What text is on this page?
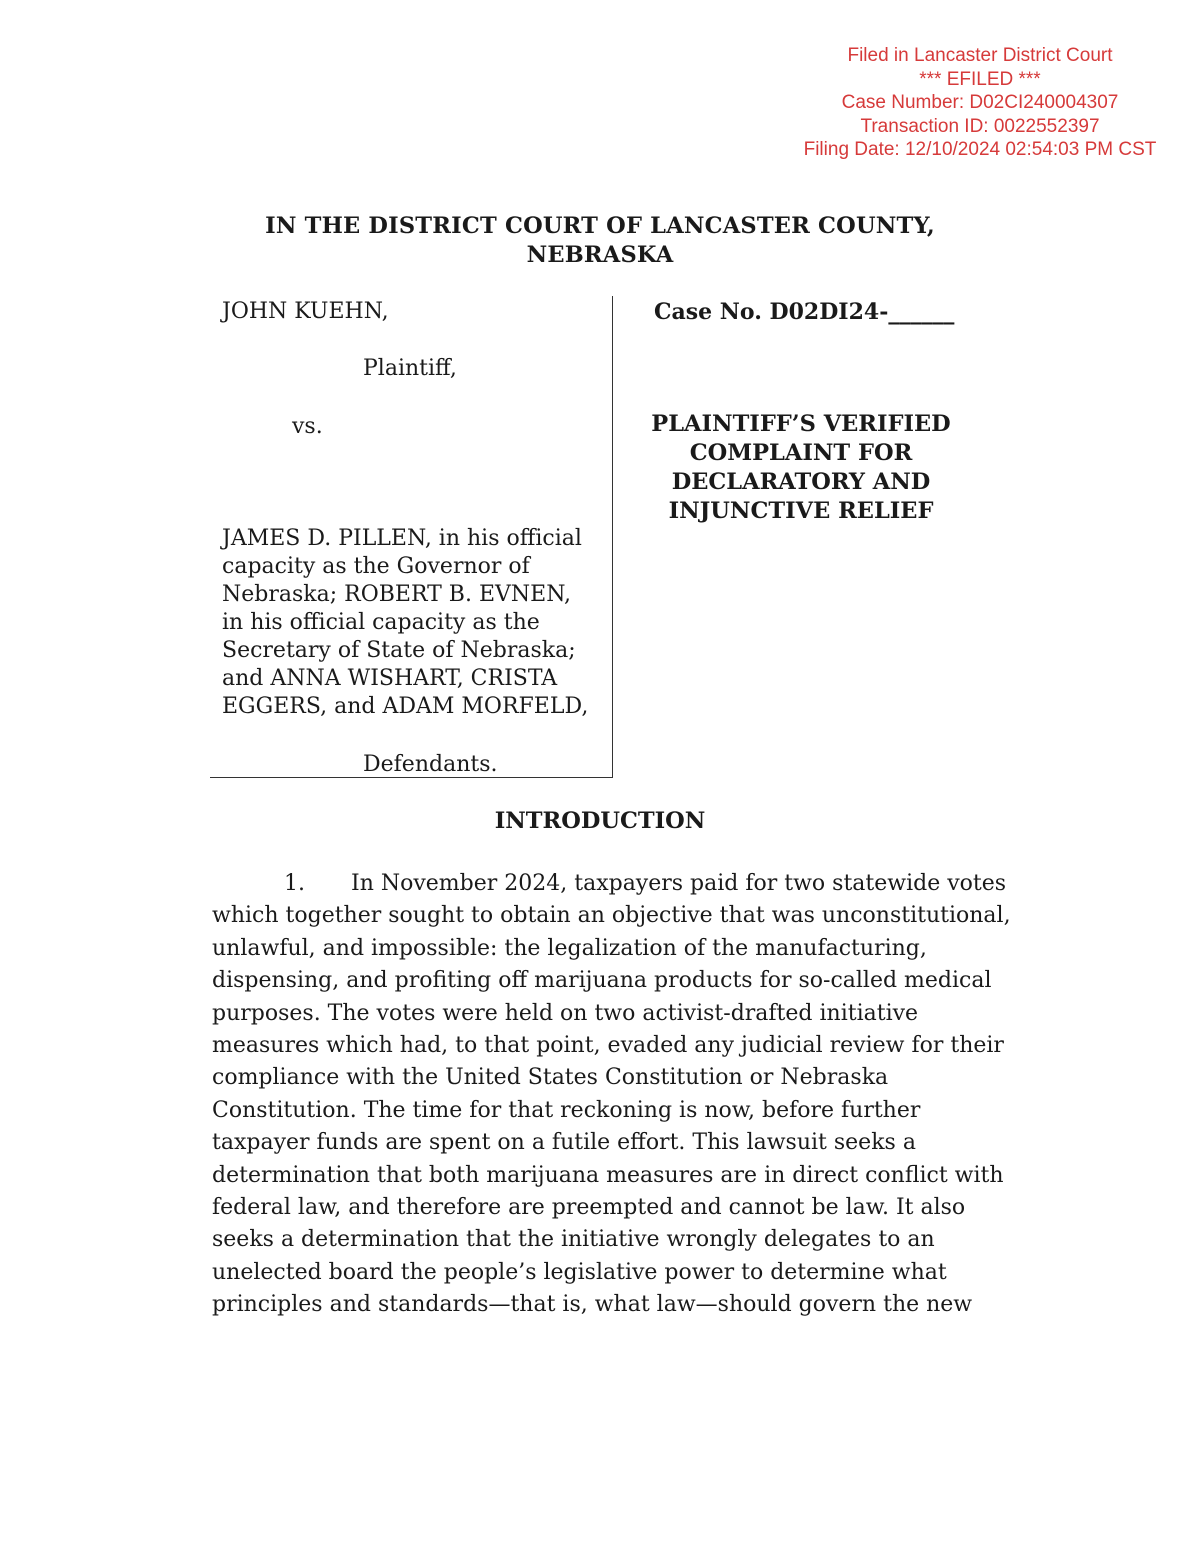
Filed in Lancaster District Court
*** EFILED ***
Case Number: D02CI240004307
Transaction ID: 0022552397
Filing Date: 12/10/2024 02:54:03 PM CST
IN THE DISTRICT COURT OF LANCASTER COUNTY,
NEBRASKA
JOHN KUEHN,
Plaintiff,
vs.
JAMES D. PILLEN, in his official
capacity as the Governor of
Nebraska; ROBERT B. EVNEN,
in his official capacity as the
Secretary of State of Nebraska;
and ANNA WISHART, CRISTA
EGGERS, and ADAM MORFELD,
Defendants.
Case No. D02DI24-______
PLAINTIFF’S VERIFIED
COMPLAINT FOR
DECLARATORY AND
INJUNCTIVE RELIEF
INTRODUCTION
1. In November 2024, taxpayers paid for two statewide votes
which together sought to obtain an objective that was unconstitutional,
unlawful, and impossible: the legalization of the manufacturing,
dispensing, and profiting off marijuana products for so-called medical
purposes. The votes were held on two activist-drafted initiative
measures which had, to that point, evaded any judicial review for their
compliance with the United States Constitution or Nebraska
Constitution. The time for that reckoning is now, before further
taxpayer funds are spent on a futile effort. This lawsuit seeks a
determination that both marijuana measures are in direct conflict with
federal law, and therefore are preempted and cannot be law. It also
seeks a determination that the initiative wrongly delegates to an
unelected board the people’s legislative power to determine what
principles and standards—that is, what law—should govern the new
